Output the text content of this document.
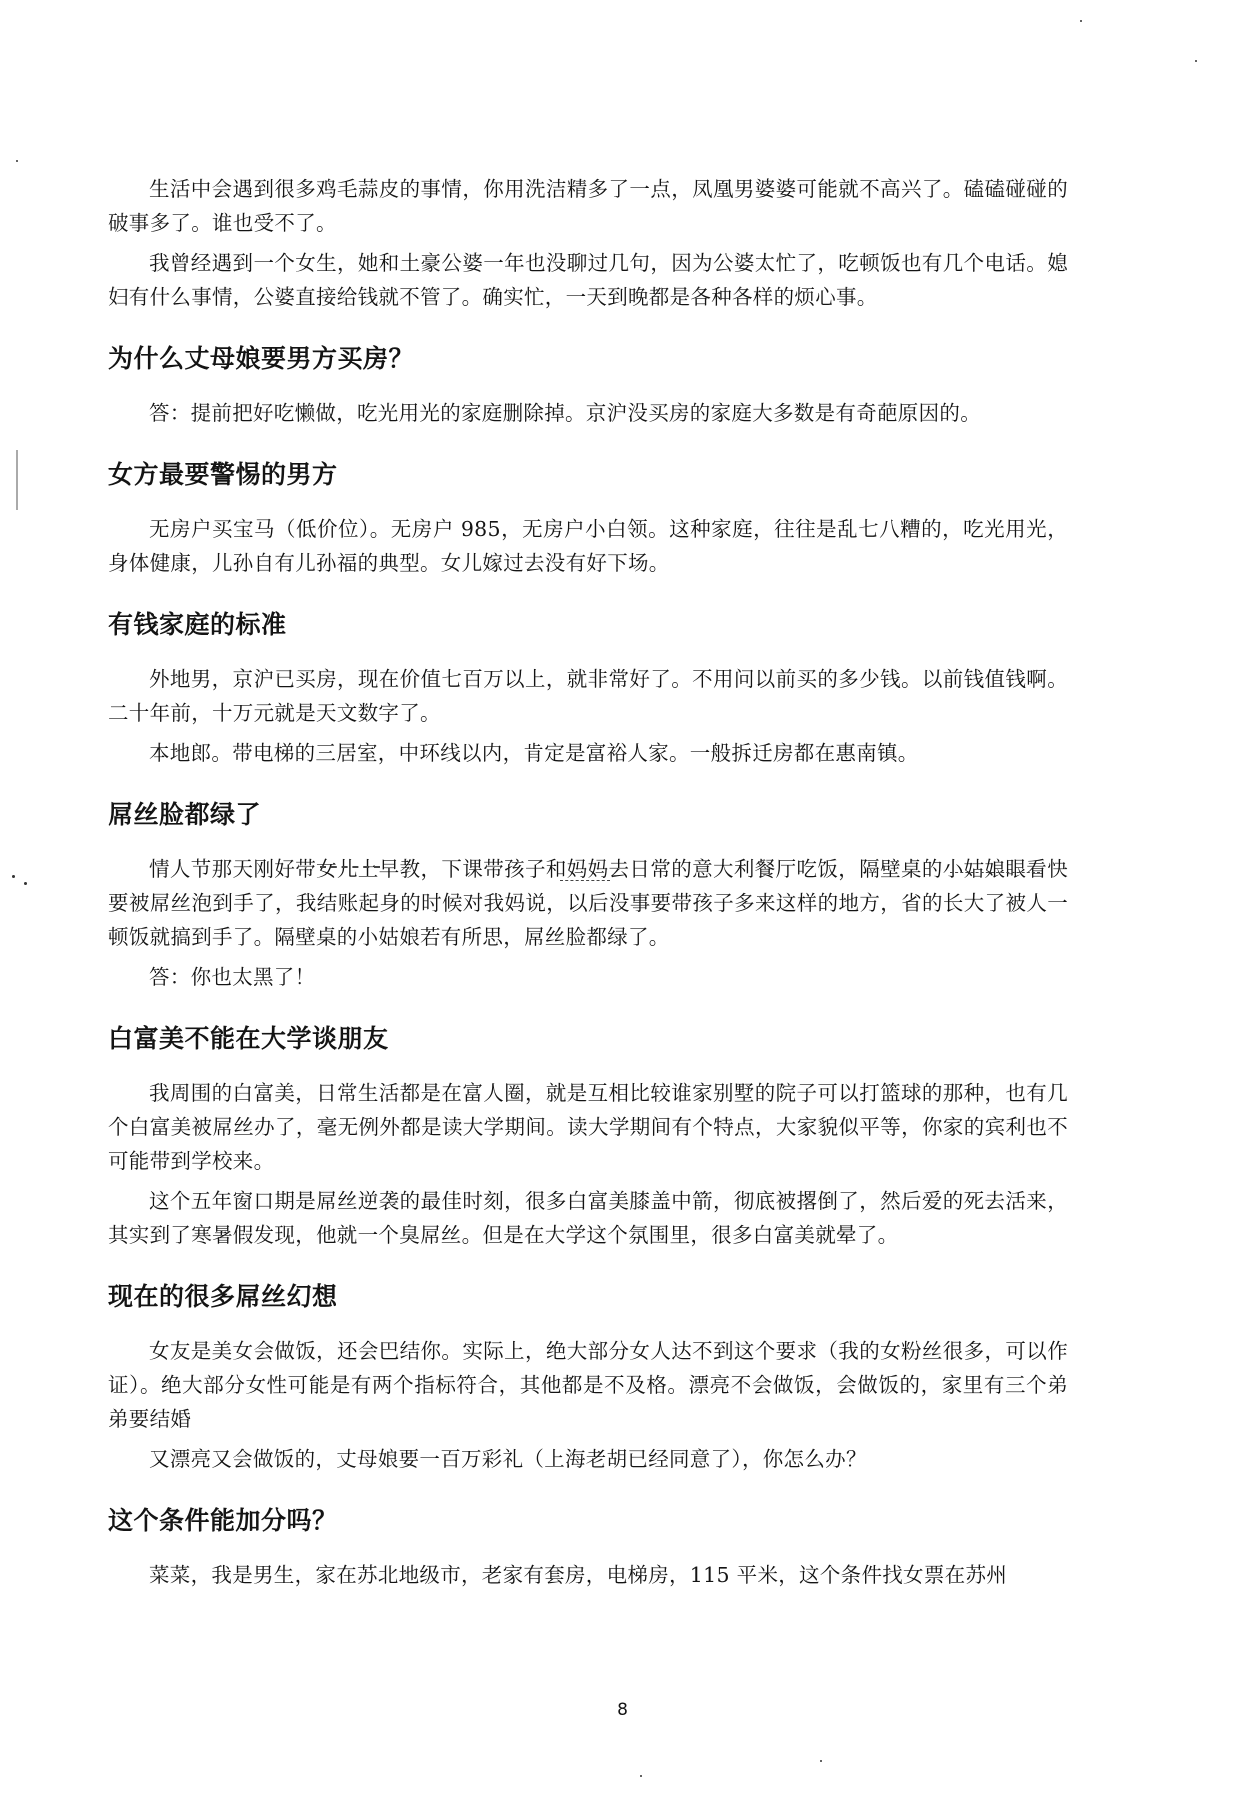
生活中会遇到很多鸡毛蒜皮的事情，你用洗洁精多了一点，凤凰男婆婆可能就不高兴了。磕磕碰碰的破事多了。谁也受不了。

我曾经遇到一个女生，她和土豪公婆一年也没聊过几句，因为公婆太忙了，吃顿饭也有几个电话。媳妇有什么事情，公婆直接给钱就不管了。确实忙，一天到晚都是各种各样的烦心事。

为什么丈母娘要男方买房？

答：提前把好吃懒做，吃光用光的家庭删除掉。京沪没买房的家庭大多数是有奇葩原因的。

女方最要警惕的男方

无房户买宝马（低价位）。无房户 985，无房户小白领。这种家庭，往往是乱七八糟的，吃光用光，身体健康，儿孙自有儿孙福的典型。女儿嫁过去没有好下场。

有钱家庭的标准

外地男，京沪已买房，现在价值七百万以上，就非常好了。不用问以前买的多少钱。以前钱值钱啊。二十年前，十万元就是天文数字了。

本地郎。带电梯的三居室，中环线以内，肯定是富裕人家。一般拆迁房都在惠南镇。

屌丝脸都绿了

情人节那天刚好带女儿上早教，下课带孩子和妈妈去日常的意大利餐厅吃饭，隔壁桌的小姑娘眼看快要被屌丝泡到手了，我结账起身的时候对我妈说，以后没事要带孩子多来这样的地方，省的长大了被人一顿饭就搞到手了。隔壁桌的小姑娘若有所思，屌丝脸都绿了。

答：你也太黑了！

白富美不能在大学谈朋友

我周围的白富美，日常生活都是在富人圈，就是互相比较谁家别墅的院子可以打篮球的那种，也有几个白富美被屌丝办了，毫无例外都是读大学期间。读大学期间有个特点，大家貌似平等，你家的宾利也不可能带到学校来。

这个五年窗口期是屌丝逆袭的最佳时刻，很多白富美膝盖中箭，彻底被撂倒了，然后爱的死去活来，其实到了寒暑假发现，他就一个臭屌丝。但是在大学这个氛围里，很多白富美就晕了。

现在的很多屌丝幻想

女友是美女会做饭，还会巴结你。实际上，绝大部分女人达不到这个要求（我的女粉丝很多，可以作证）。绝大部分女性可能是有两个指标符合，其他都是不及格。漂亮不会做饭，会做饭的，家里有三个弟弟要结婚

又漂亮又会做饭的，丈母娘要一百万彩礼（上海老胡已经同意了），你怎么办？

这个条件能加分吗？

菜菜，我是男生，家在苏北地级市，老家有套房，电梯房，115 平米，这个条件找女票在苏州

8
